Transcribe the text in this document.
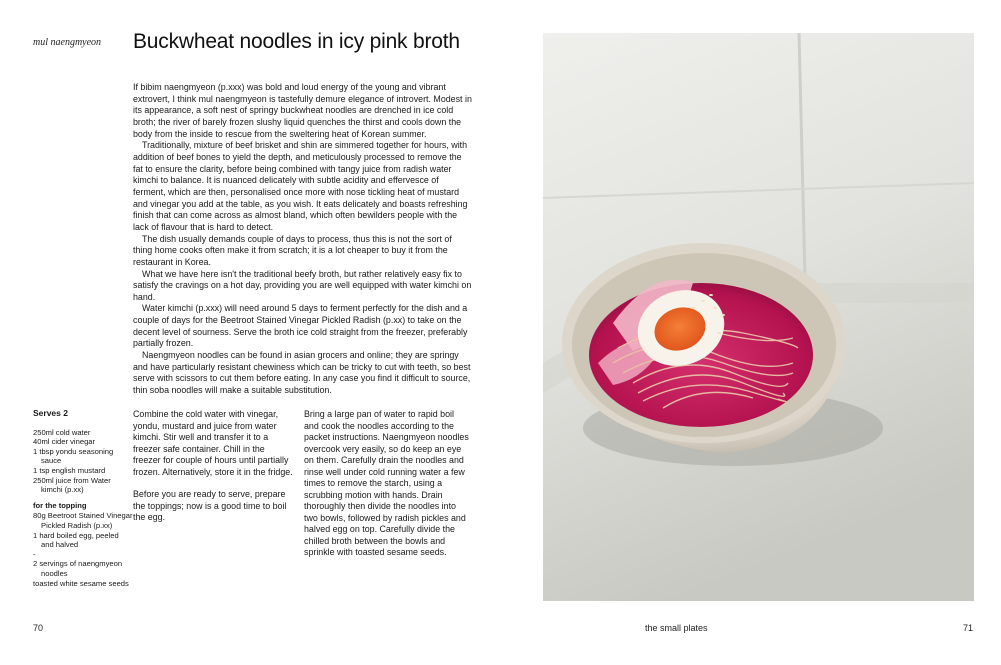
mul naengmyeon Buckwheat noodles in icy pink broth

If bibim naengmyeon (p.xxx) was bold and loud energy of the young and vibrant extrovert, I think mul naengmyeon is tastefully demure elegance of introvert. Modest in its appearance, a soft nest of springy buckwheat noodles are drenched in ice cold broth; the river of barely frozen slushy liquid quenches the thirst and cools down the body from the inside to rescue from the sweltering heat of Korean summer.

Traditionally, mixture of beef brisket and shin are simmered together for hours, with addition of beef bones to yield the depth, and meticulously processed to remove the fat to ensure the clarity, before being combined with tangy juice from radish water kimchi to balance. It is nuanced delicately with subtle acidity and effervesce of ferment, which are then, personalised once more with nose tickling heat of mustard and vinegar you add at the table, as you wish. It eats delicately and boasts refreshing finish that can come across as almost bland, which often bewilders people with the lack of flavour that is hard to detect.

The dish usually demands couple of days to process, thus this is not the sort of thing home cooks often make it from scratch; it is a lot cheaper to buy it from the restaurant in Korea.

What we have here isn't the traditional beefy broth, but rather relatively easy fix to satisfy the cravings on a hot day, providing you are well equipped with water kimchi on hand.

Water kimchi (p.xxx) will need around 5 days to ferment perfectly for the dish and a couple of days for the Beetroot Stained Vinegar Pickled Radish (p.xx) to take on the decent level of sourness. Serve the broth ice cold straight from the freezer, preferably partially frozen.

Naengmyeon noodles can be found in asian grocers and online; they are springy and have particularly resistant chewiness which can be tricky to cut with teeth, so best serve with scissors to cut them before eating. In any case you find it difficult to source, thin soba noodles will make a suitable substitution.

Serves 2
250ml cold water
40ml cider vinegar
1 tbsp yondu seasoning sauce
1 tsp english mustard
250ml juice from Water kimchi (p.xx)
for the topping
80g Beetroot Stained Vinegar Pickled Radish (p.xx)
1 hard boiled egg, peeled and halved
-
2 servings of naengmyeon noodles
toasted white sesame seeds

Combine the cold water with vinegar, yondu, mustard and juice from water kimchi. Stir well and transfer it to a freezer safe container. Chill in the freezer for couple of hours until partially frozen. Alternatively, store it in the fridge.

Before you are ready to serve, prepare the toppings; now is a good time to boil the egg.

Bring a large pan of water to rapid boil and cook the noodles according to the packet instructions. Naengmyeon noodles overcook very easily, so do keep an eye on them. Carefully drain the noodles and rinse well under cold running water a few times to remove the starch, using a scrubbing motion with hands. Drain thoroughly then divide the noodles into two bowls, followed by radish pickles and halved egg on top. Carefully divide the chilled broth between the bowls and sprinkle with toasted sesame seeds.

70	the small plates	71
